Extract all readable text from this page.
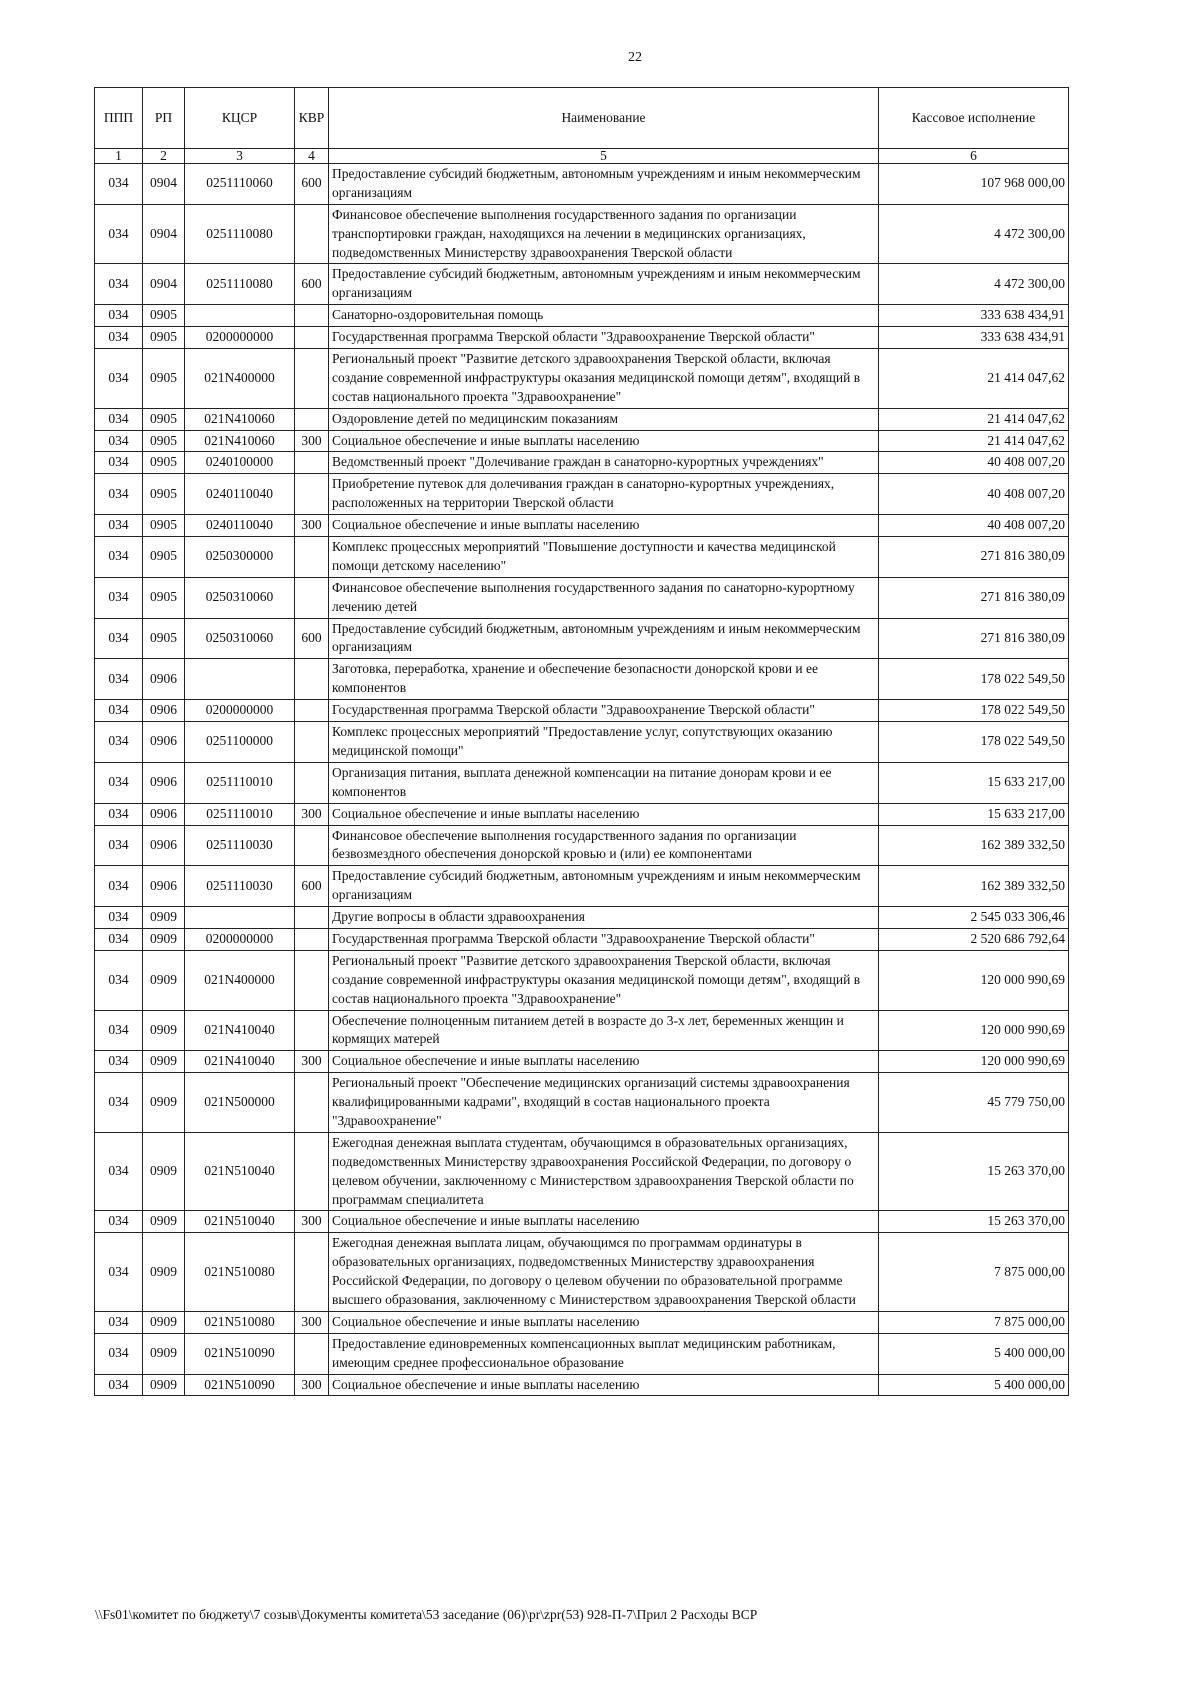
22
ППП	РП	КЦСР	КВР	Наименование	Кассовое исполнение
1	2	3	4	5	6
034	0904	0251110060	600	Предоставление субсидий бюджетным, автономным учреждениям и иным некоммерческим организациям	107 968 000,00
034	0904	0251110080		Финансовое обеспечение выполнения государственного задания по организации транспортировки граждан, находящихся на лечении в медицинских организациях, подведомственных Министерству здравоохранения Тверской области	4 472 300,00
034	0904	0251110080	600	Предоставление субсидий бюджетным, автономным учреждениям и иным некоммерческим организациям	4 472 300,00
034	0905			Санаторно-оздоровительная помощь	333 638 434,91
034	0905	0200000000		Государственная программа Тверской области "Здравоохранение Тверской области"	333 638 434,91
034	0905	021N400000		Региональный проект "Развитие детского здравоохранения Тверской области, включая создание современной инфраструктуры оказания медицинской помощи детям", входящий в состав национального проекта "Здравоохранение"	21 414 047,62
034	0905	021N410060		Оздоровление детей по медицинским показаниям	21 414 047,62
034	0905	021N410060	300	Социальное обеспечение и иные выплаты населению	21 414 047,62
034	0905	0240100000		Ведомственный проект "Долечивание граждан в санаторно-курортных учреждениях"	40 408 007,20
034	0905	0240110040		Приобретение путевок для долечивания граждан в санаторно-курортных учреждениях, расположенных на территории Тверской области	40 408 007,20
034	0905	0240110040	300	Социальное обеспечение и иные выплаты населению	40 408 007,20
034	0905	0250300000		Комплекс процессных мероприятий "Повышение доступности и качества медицинской помощи детскому населению"	271 816 380,09
034	0905	0250310060		Финансовое обеспечение выполнения государственного задания по санаторно-курортному лечению детей	271 816 380,09
034	0905	0250310060	600	Предоставление субсидий бюджетным, автономным учреждениям и иным некоммерческим организациям	271 816 380,09
034	0906			Заготовка, переработка, хранение и обеспечение безопасности донорской крови и ее компонентов	178 022 549,50
034	0906	0200000000		Государственная программа Тверской области "Здравоохранение Тверской области"	178 022 549,50
034	0906	0251100000		Комплекс процессных мероприятий "Предоставление услуг, сопутствующих оказанию медицинской помощи"	178 022 549,50
034	0906	0251110010		Организация питания, выплата денежной компенсации на питание донорам крови и ее компонентов	15 633 217,00
034	0906	0251110010	300	Социальное обеспечение и иные выплаты населению	15 633 217,00
034	0906	0251110030		Финансовое обеспечение выполнения государственного задания по организации безвозмездного обеспечения донорской кровью и (или) ее компонентами	162 389 332,50
034	0906	0251110030	600	Предоставление субсидий бюджетным, автономным учреждениям и иным некоммерческим организациям	162 389 332,50
034	0909			Другие вопросы в области здравоохранения	2 545 033 306,46
034	0909	0200000000		Государственная программа Тверской области "Здравоохранение Тверской области"	2 520 686 792,64
034	0909	021N400000		Региональный проект "Развитие детского здравоохранения Тверской области, включая создание современной инфраструктуры оказания медицинской помощи детям", входящий в состав национального проекта "Здравоохранение"	120 000 990,69
034	0909	021N410040		Обеспечение полноценным питанием детей в возрасте до 3-х лет, беременных женщин и кормящих матерей	120 000 990,69
034	0909	021N410040	300	Социальное обеспечение и иные выплаты населению	120 000 990,69
034	0909	021N500000		Региональный проект "Обеспечение медицинских организаций системы здравоохранения квалифицированными кадрами", входящий в состав национального проекта "Здравоохранение"	45 779 750,00
034	0909	021N510040		Ежегодная денежная выплата студентам, обучающимся в образовательных организациях, подведомственных Министерству здравоохранения Российской Федерации, по договору о целевом обучении, заключенному с Министерством здравоохранения Тверской области по программам специалитета	15 263 370,00
034	0909	021N510040	300	Социальное обеспечение и иные выплаты населению	15 263 370,00
034	0909	021N510080		Ежегодная денежная выплата лицам, обучающимся по программам ординатуры в образовательных организациях, подведомственных Министерству здравоохранения Российской Федерации, по договору о целевом обучении по образовательной программе высшего образования, заключенному с Министерством здравоохранения Тверской области	7 875 000,00
034	0909	021N510080	300	Социальное обеспечение и иные выплаты населению	7 875 000,00
034	0909	021N510090		Предоставление единовременных компенсационных выплат медицинским работникам, имеющим среднее профессиональное образование	5 400 000,00
034	0909	021N510090	300	Социальное обеспечение и иные выплаты населению	5 400 000,00
\\Fs01\комитет по бюджету\7 созыв\Документы комитета\53 заседание (06)\pr\zpr(53) 928-П-7\Прил 2 Расходы ВСР
